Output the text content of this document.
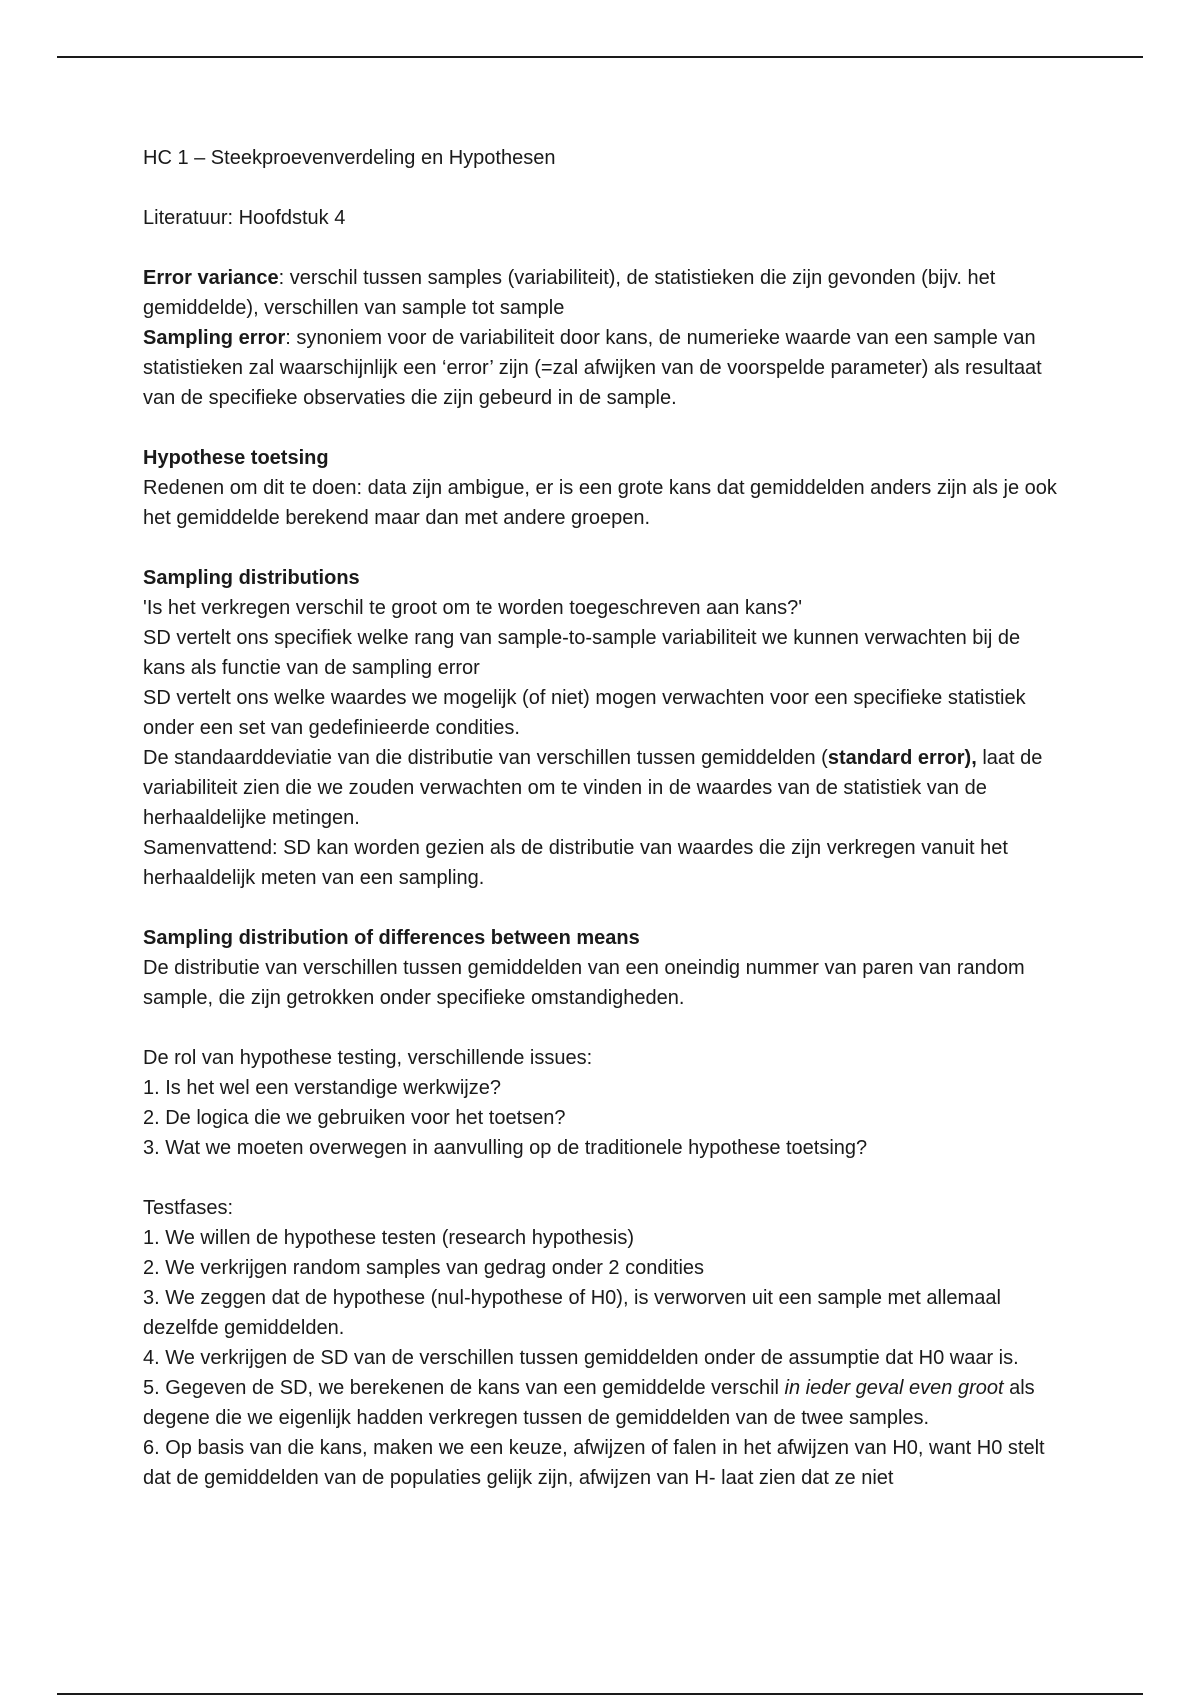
HC 1 – Steekproevenverdeling en Hypothesen

Literatuur: Hoofdstuk 4

Error variance: verschil tussen samples (variabiliteit), de statistieken die zijn gevonden (bijv. het gemiddelde), verschillen van sample tot sample

Sampling error: synoniem voor de variabiliteit door kans, de numerieke waarde van een sample van statistieken zal waarschijnlijk een ‘error’ zijn (=zal afwijken van de voorspelde parameter) als resultaat van de specifieke observaties die zijn gebeurd in de sample.

Hypothese toetsing

Redenen om dit te doen: data zijn ambigue, er is een grote kans dat gemiddelden anders zijn als je ook het gemiddelde berekend maar dan met andere groepen.

Sampling distributions

'Is het verkregen verschil te groot om te worden toegeschreven aan kans?'

SD vertelt ons specifiek welke rang van sample-to-sample variabiliteit we kunnen verwachten bij de kans als functie van de sampling error

SD vertelt ons welke waardes we mogelijk (of niet) mogen verwachten voor een specifieke statistiek onder een set van gedefinieerde condities.

De standaarddeviatie van die distributie van verschillen tussen gemiddelden (standard error), laat de variabiliteit zien die we zouden verwachten om te vinden in de waardes van de statistiek van de herhaaldelijke metingen.

Samenvattend: SD kan worden gezien als de distributie van waardes die zijn verkregen vanuit het herhaaldelijk meten van een sampling.

Sampling distribution of differences between means

De distributie van verschillen tussen gemiddelden van een oneindig nummer van paren van random sample, die zijn getrokken onder specifieke omstandigheden.

De rol van hypothese testing, verschillende issues:

1. Is het wel een verstandige werkwijze?

2. De logica die we gebruiken voor het toetsen?

3. Wat we moeten overwegen in aanvulling op de traditionele hypothese toetsing?

Testfases:

1. We willen de hypothese testen (research hypothesis)

2. We verkrijgen random samples van gedrag onder 2 condities

3. We zeggen dat de hypothese (nul-hypothese of H0), is verworven uit een sample met allemaal dezelfde gemiddelden.

4. We verkrijgen de SD van de verschillen tussen gemiddelden onder de assumptie dat H0 waar is.

5. Gegeven de SD, we berekenen de kans van een gemiddelde verschil in ieder geval even groot als degene die we eigenlijk hadden verkregen tussen de gemiddelden van de twee samples.

6. Op basis van die kans, maken we een keuze, afwijzen of falen in het afwijzen van H0, want H0 stelt dat de gemiddelden van de populaties gelijk zijn, afwijzen van H- laat zien dat ze niet
